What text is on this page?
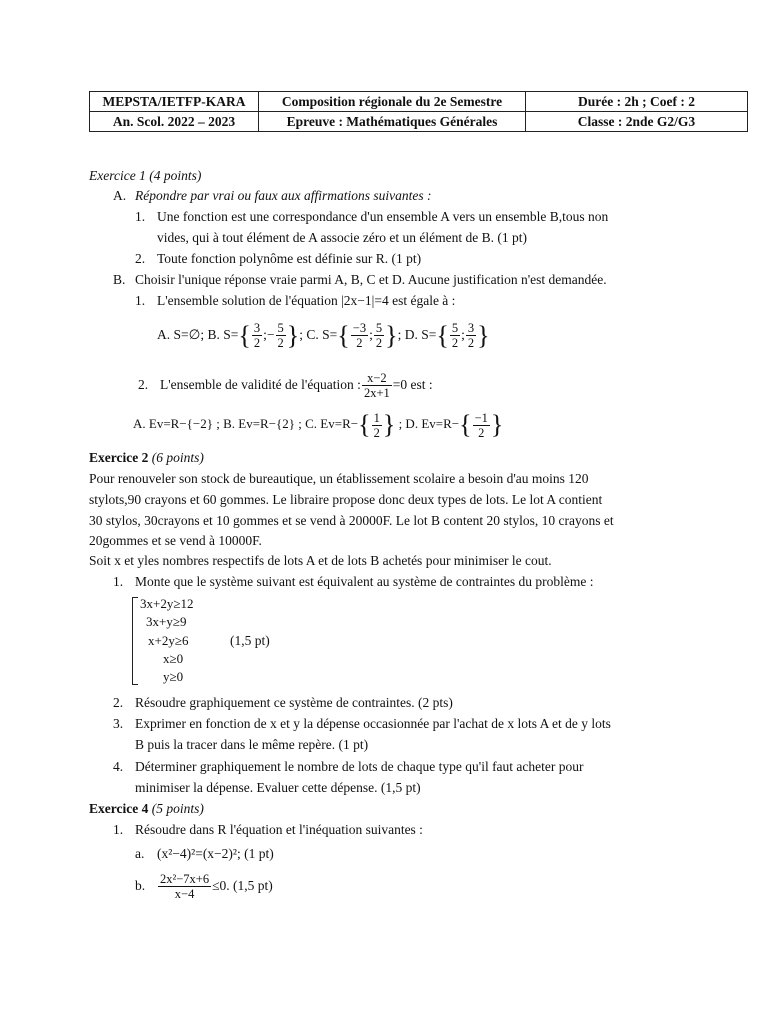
MEPSTA/IETFP-KARA	Composition régionale du 2e Semestre	Durée : 2h ; Coef : 2
An. Scol. 2022 – 2023	Epreuve : Mathématiques Générales	Classe : 2nde G2/G3
Exercice 1 (4 points)
A. Répondre par vrai ou faux aux affirmations suivantes :
1. Une fonction est une correspondance d'un ensemble A vers un ensemble B,tous non
vides, qui à tout élément de A associe zéro et un élément de B. (1 pt)
2. Toute fonction polynôme est définie sur R. (1 pt)
B. Choisir l'unique réponse vraie parmi A, B, C et D. Aucune justification n'est demandée.
1. L'ensemble solution de l'équation |2x−1|=4 est égale à :
A. S=∅; B. $S=\{ \frac{3}{2}$ ;− $\frac{5}{2}$ }; C. $S=\{ \frac{-3}{2}$ ; $\frac{5}{2}$ }; D. $S=\{ \frac{5}{2}$ ; $\frac{3}{2}$ }
2. L'ensemble de validité de l'équation : $\frac{x-2}{2x+1} =0$ est :
A. Ev=R−{−2} ; B. Ev=R−{2} ; C. $Ev=R-\{ \frac{1}{2}$ } ; D. $Ev=R-\{ \frac{-1}{2}$ }
Exercice 2 (6 points)
Pour renouveler son stock de bureautique, un établissement scolaire a besoin d'au moins 120
stylots,90 crayons et 60 gommes. Le libraire propose donc deux types de lots. Le lot A contient
30 stylos, 30crayons et 10 gommes et se vend à 20000F. Le lot B content 20 stylos, 10 crayons et
20gommes et se vend à 10000F.
Soit x et yles nombres respectifs de lots A et de lots B achetés pour minimiser le cout.
1. Monte que le système suivant est équivalent au système de contraintes du problème :
3x+2y≥12
3x+y≥9
x+2y≥6
x≥0
y≥0
(1,5 pt)
2. Résoudre graphiquement ce système de contraintes. (2 pts)
3. Exprimer en fonction de x et y la dépense occasionnée par l'achat de x lots A et de y lots
B puis la tracer dans le même repère. (1 pt)
4. Déterminer graphiquement le nombre de lots de chaque type qu'il faut acheter pour
minimiser la dépense. Evaluer cette dépense. (1,5 pt)
Exercice 4 (5 points)
1. Résoudre dans R l'équation et l'inéquation suivantes :
a. (x²−4)²=(x−2)²; (1 pt)
b. $\frac{\text{2x²−7x+6}}{x-4} \le 0$. (1,5 pt)
